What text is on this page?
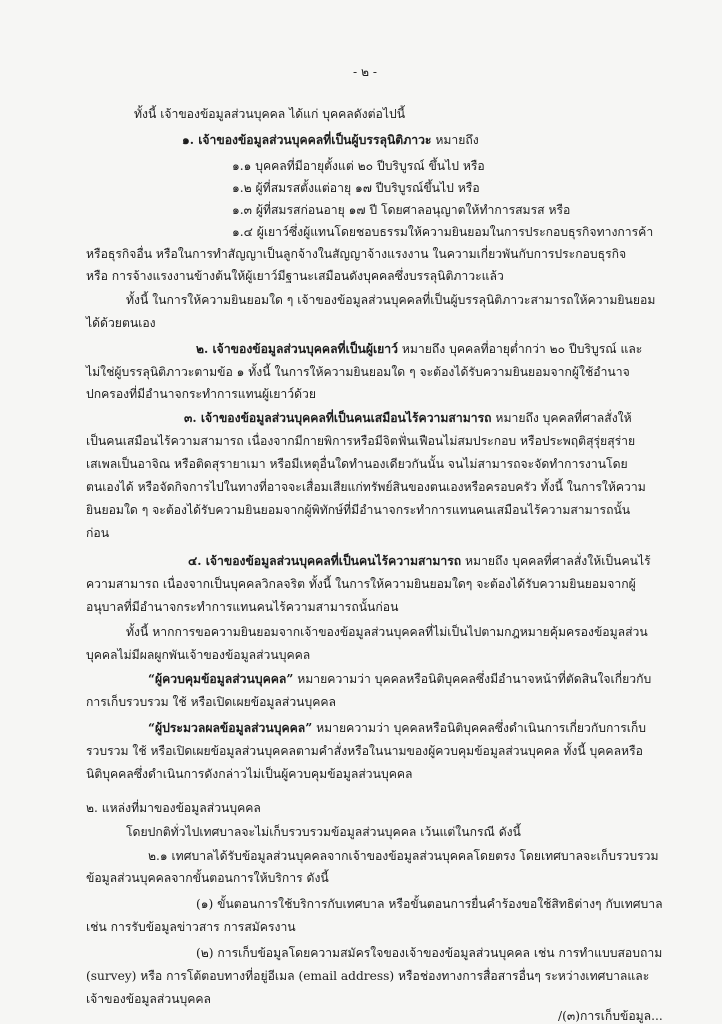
- ๒ -
ทั้งนี้ เจ้าของข้อมูลส่วนบุคคล ได้แก่ บุคคลดังต่อไปนี้
๑. เจ้าของข้อมูลส่วนบุคคลที่เป็นผู้บรรลุนิติภาวะ หมายถึง
๑.๑ บุคคลที่มีอายุตั้งแต่ ๒๐ ปีบริบูรณ์ ขึ้นไป หรือ
๑.๒ ผู้ที่สมรสตั้งแต่อายุ ๑๗ ปีบริบูรณ์ขึ้นไป หรือ
๑.๓ ผู้ที่สมรสก่อนอายุ ๑๗ ปี โดยศาลอนุญาตให้ทำการสมรส หรือ
๑.๔ ผู้เยาว์ซึ่งผู้แทนโดยชอบธรรมให้ความยินยอมในการประกอบธุรกิจทางการค้า
หรือธุรกิจอื่น หรือในการทำสัญญาเป็นลูกจ้างในสัญญาจ้างแรงงาน ในความเกี่ยวพันกับการประกอบธุรกิจ
หรือ การจ้างแรงงานข้างต้นให้ผู้เยาว์มีฐานะเสมือนดังบุคคลซึ่งบรรลุนิติภาวะแล้ว
ทั้งนี้ ในการให้ความยินยอมใด ๆ เจ้าของข้อมูลส่วนบุคคลที่เป็นผู้บรรลุนิติภาวะสามารถให้ความยินยอม
ได้ด้วยตนเอง
๒. เจ้าของข้อมูลส่วนบุคคลที่เป็นผู้เยาว์ หมายถึง บุคคลที่อายุต่ำกว่า ๒๐ ปีบริบูรณ์ และ
ไม่ใช่ผู้บรรลุนิติภาวะตามข้อ ๑ ทั้งนี้ ในการให้ความยินยอมใด ๆ จะต้องได้รับความยินยอมจากผู้ใช้อำนาจ
ปกครองที่มีอำนาจกระทำการแทนผู้เยาว์ด้วย
๓. เจ้าของข้อมูลส่วนบุคคลที่เป็นคนเสมือนไร้ความสามารถ หมายถึง บุคคลที่ศาลสั่งให้
เป็นคนเสมือนไร้ความสามารถ เนื่องจากมีกายพิการหรือมีจิตฟั่นเฟือนไม่สมประกอบ หรือประพฤติสุรุ่ยสุร่าย
เสเพลเป็นอาจิณ หรือติดสุรายาเมา หรือมีเหตุอื่นใดทำนองเดียวกันนั้น จนไม่สามารถจะจัดทำการงานโดย
ตนเองได้ หรือจัดกิจการไปในทางที่อาจจะเสื่อมเสียแก่ทรัพย์สินของตนเองหรือครอบครัว ทั้งนี้ ในการให้ความ
ยินยอมใด ๆ จะต้องได้รับความยินยอมจากผู้พิทักษ์ที่มีอำนาจกระทำการแทนคนเสมือนไร้ความสามารถนั้น
ก่อน
๔. เจ้าของข้อมูลส่วนบุคคลที่เป็นคนไร้ความสามารถ หมายถึง บุคคลที่ศาลสั่งให้เป็นคนไร้
ความสามารถ เนื่องจากเป็นบุคคลวิกลจริต ทั้งนี้ ในการให้ความยินยอมใดๆ จะต้องได้รับความยินยอมจากผู้
อนุบาลที่มีอำนาจกระทำการแทนคนไร้ความสามารถนั้นก่อน
ทั้งนี้ หากการขอความยินยอมจากเจ้าของข้อมูลส่วนบุคคลที่ไม่เป็นไปตามกฎหมายคุ้มครองข้อมูลส่วน
บุคคลไม่มีผลผูกพันเจ้าของข้อมูลส่วนบุคคล
“ผู้ควบคุมข้อมูลส่วนบุคคล” หมายความว่า บุคคลหรือนิติบุคคลซึ่งมีอำนาจหน้าที่ตัดสินใจเกี่ยวกับ
การเก็บรวบรวม ใช้ หรือเปิดเผยข้อมูลส่วนบุคคล
“ผู้ประมวลผลข้อมูลส่วนบุคคล” หมายความว่า บุคคลหรือนิติบุคคลซึ่งดำเนินการเกี่ยวกับการเก็บ
รวบรวม ใช้ หรือเปิดเผยข้อมูลส่วนบุคคลตามคำสั่งหรือในนามของผู้ควบคุมข้อมูลส่วนบุคคล ทั้งนี้ บุคคลหรือ
นิติบุคคลซึ่งดำเนินการดังกล่าวไม่เป็นผู้ควบคุมข้อมูลส่วนบุคคล
๒. แหล่งที่มาของข้อมูลส่วนบุคคล
โดยปกติทั่วไปเทศบาลจะไม่เก็บรวบรวมข้อมูลส่วนบุคคล เว้นแต่ในกรณี ดังนี้
๒.๑ เทศบาลได้รับข้อมูลส่วนบุคคลจากเจ้าของข้อมูลส่วนบุคคลโดยตรง โดยเทศบาลจะเก็บรวบรวม
ข้อมูลส่วนบุคคลจากขั้นตอนการให้บริการ ดังนี้
(๑) ขั้นตอนการใช้บริการกับเทศบาล หรือขั้นตอนการยื่นคำร้องขอใช้สิทธิต่างๆ กับเทศบาล
เช่น การรับข้อมูลข่าวสาร การสมัครงาน
(๒) การเก็บข้อมูลโดยความสมัครใจของเจ้าของข้อมูลส่วนบุคคล เช่น การทำแบบสอบถาม
(survey) หรือ การโต้ตอบทางที่อยู่อีเมล (email address) หรือช่องทางการสื่อสารอื่นๆ ระหว่างเทศบาลและ
เจ้าของข้อมูลส่วนบุคคล
/(๓)การเก็บข้อมูล...
